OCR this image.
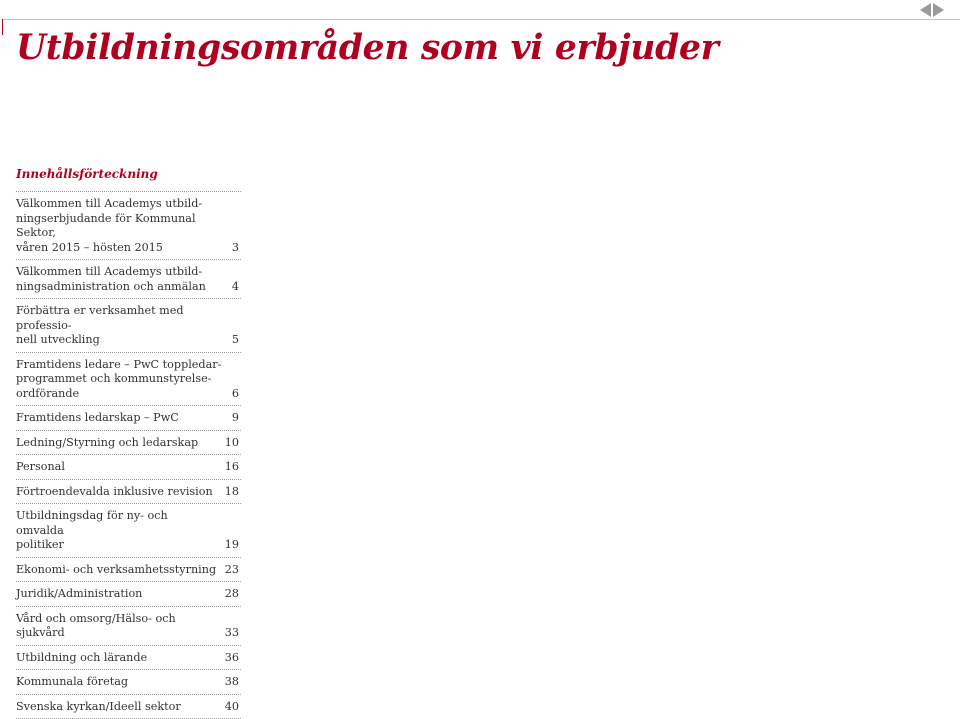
Utbildningsområden som vi erbjuder
Innehållsförteckning
Välkommen till Academys utbild-
ningserbjudande för Kommunal Sektor,
våren 2015 – hösten 2015	3
Välkommen till Academys utbild-
ningsadministration och anmälan	4
Förbättra er verksamhet med professio-
nell utveckling	5
Framtidens ledare – PwC toppledar-
programmet och kommunstyrelse-
ordförande	6
Framtidens ledarskap – PwC	9
Ledning/Styrning och ledarskap	10
Personal	16
Förtroendevalda inklusive revision	18
Utbildningsdag för ny- och omvalda
politiker	19
Ekonomi- och verksamhetsstyrning 23
Juridik/Administration	28
Vård och omsorg/Hälso- och
sjukvård	33
Utbildning och lärande	36
Kommunala företag	38
Svenska kyrkan/Ideell sektor	40
